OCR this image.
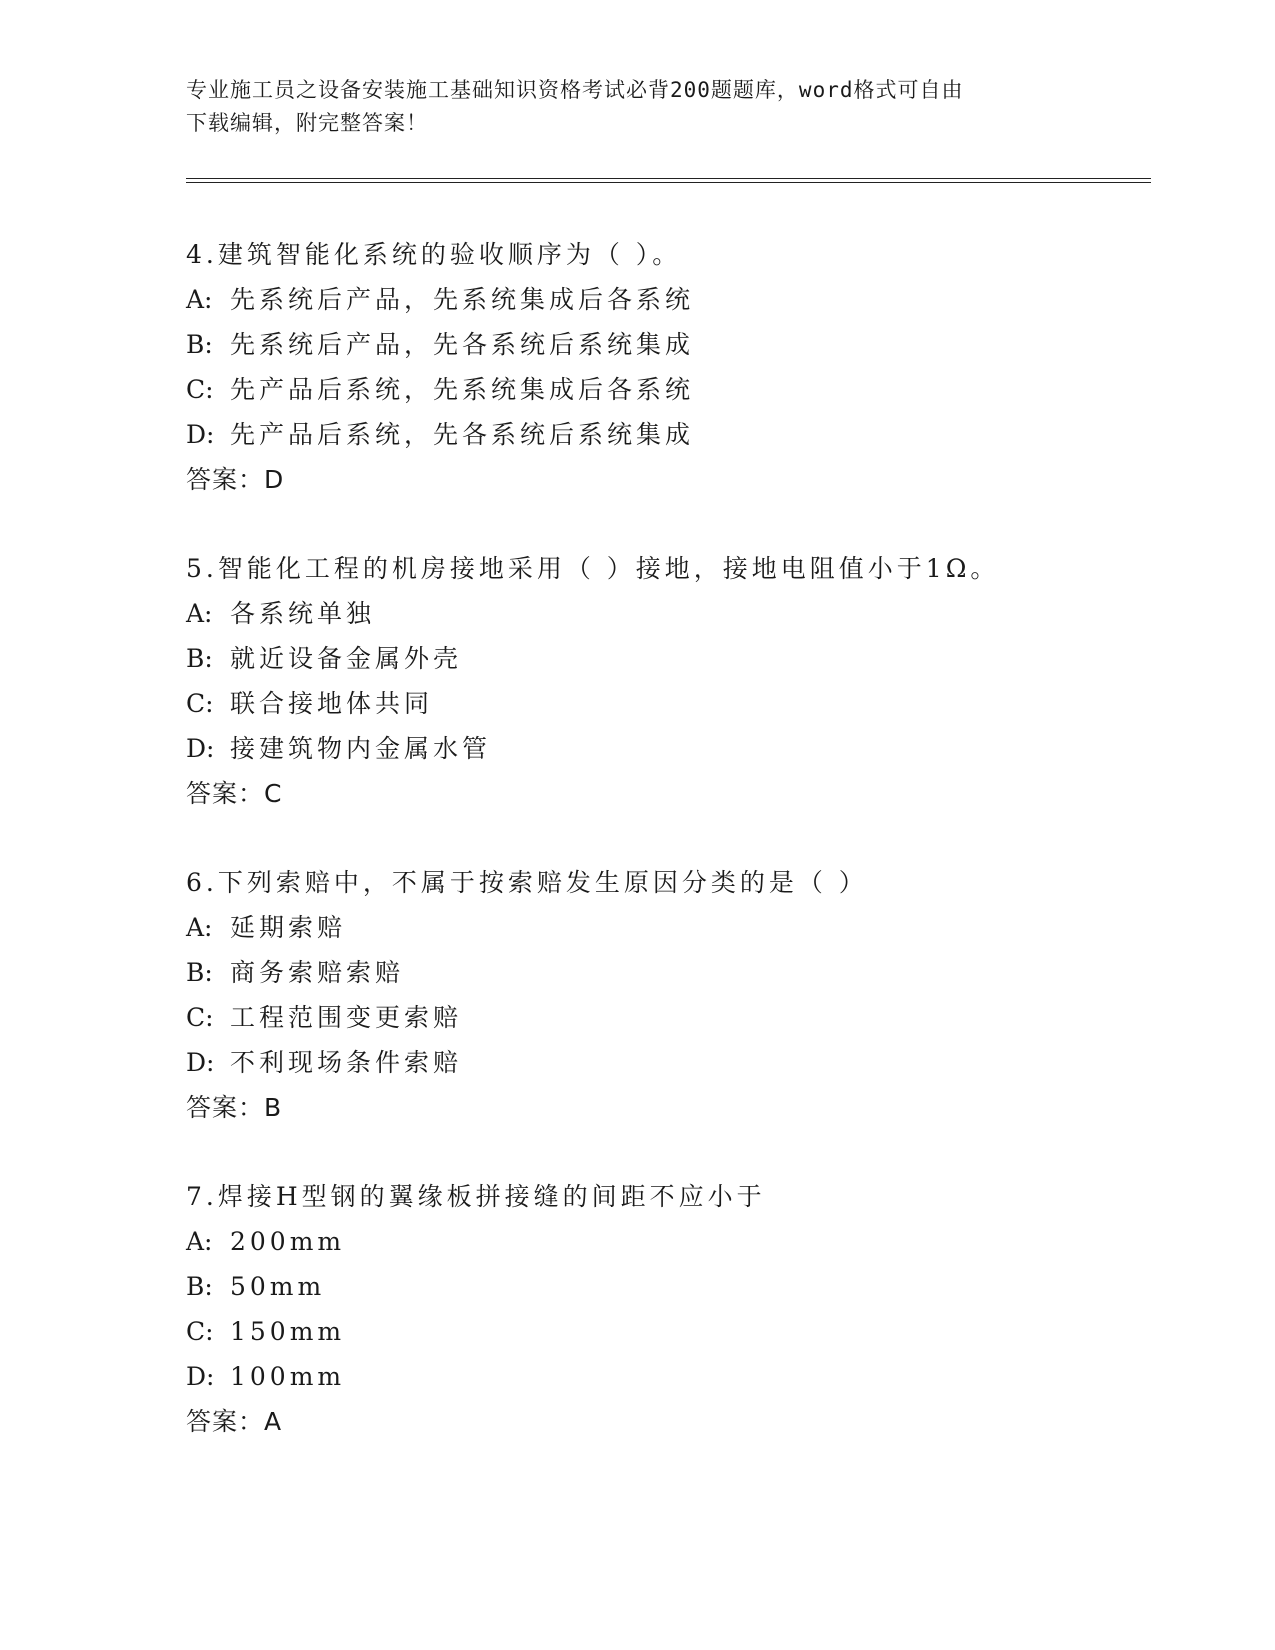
专业施工员之设备安装施工基础知识资格考试必背200题题库，word格式可自由
下载编辑，附完整答案！
4.建筑智能化系统的验收顺序为（ ）。
A: 先系统后产品，先系统集成后各系统
B: 先系统后产品，先各系统后系统集成
C: 先产品后系统，先系统集成后各系统
D: 先产品后系统，先各系统后系统集成
答案：D
5.智能化工程的机房接地采用（ ）接地，接地电阻值小于1Ω。
A: 各系统单独
B: 就近设备金属外壳
C: 联合接地体共同
D: 接建筑物内金属水管
答案：C
6.下列索赔中，不属于按索赔发生原因分类的是（ ）
A: 延期索赔
B: 商务索赔索赔
C: 工程范围变更索赔
D: 不利现场条件索赔
答案：B
7.焊接H型钢的翼缘板拼接缝的间距不应小于
A: 200mm
B: 50mm
C: 150mm
D: 100mm
答案：A
